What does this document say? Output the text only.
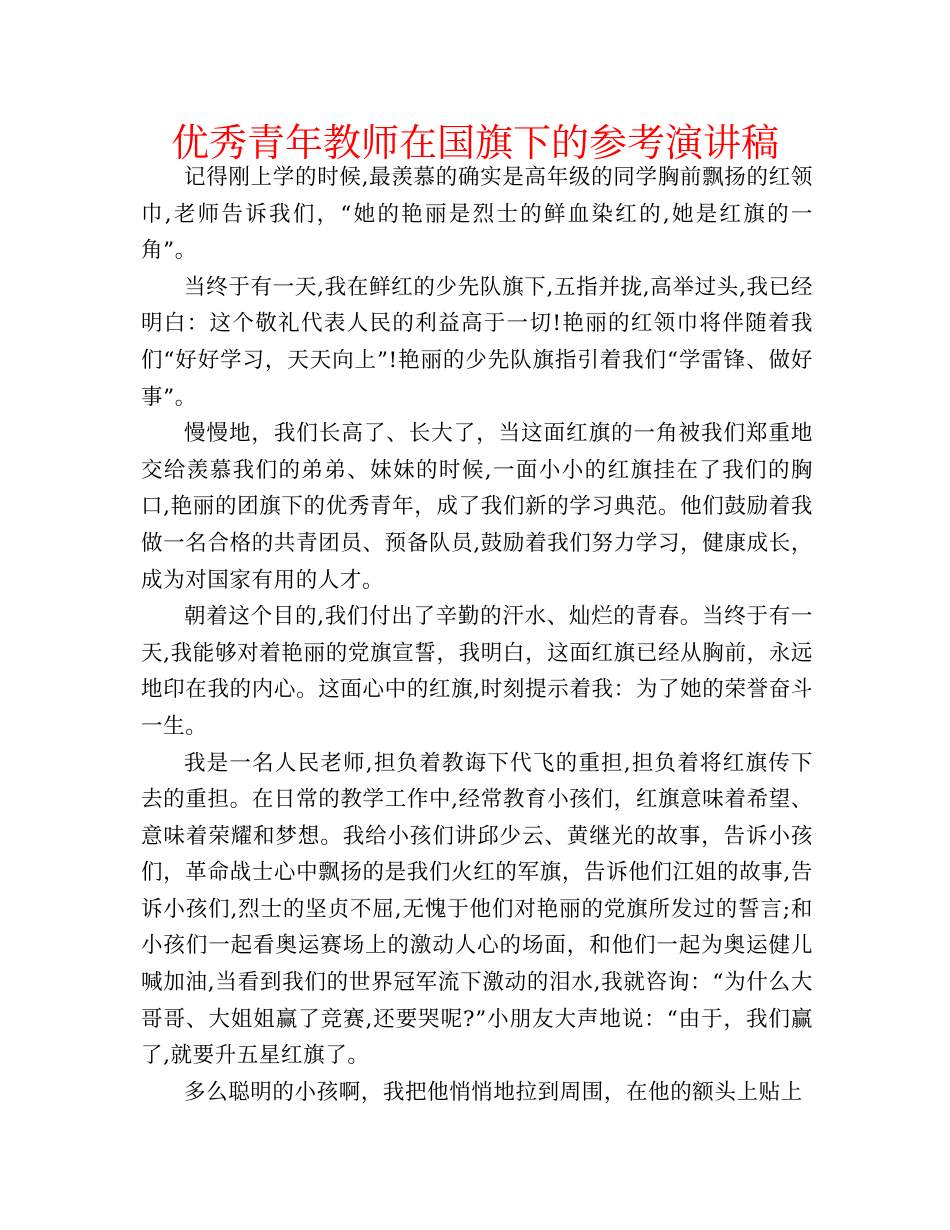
优秀青年教师在国旗下的参考演讲稿

记得刚上学的时候,最羡慕的确实是高年级的同学胸前飘扬的红领巾,老师告诉我们，“她的艳丽是烈士的鲜血染红的,她是红旗的一角”。

当终于有一天,我在鲜红的少先队旗下,五指并拢,高举过头,我已经明白：这个敬礼代表人民的利益高于一切!艳丽的红领巾将伴随着我们“好好学习，天天向上”!艳丽的少先队旗指引着我们“学雷锋、做好事”。

慢慢地，我们长高了、长大了，当这面红旗的一角被我们郑重地交给羡慕我们的弟弟、妹妹的时候,一面小小的红旗挂在了我们的胸口,艳丽的团旗下的优秀青年，成了我们新的学习典范。他们鼓励着我做一名合格的共青团员、预备队员,鼓励着我们努力学习，健康成长，成为对国家有用的人才。

朝着这个目的,我们付出了辛勤的汗水、灿烂的青春。当终于有一天,我能够对着艳丽的党旗宣誓，我明白，这面红旗已经从胸前，永远地印在我的内心。这面心中的红旗,时刻提示着我：为了她的荣誉奋斗一生。

我是一名人民老师,担负着教诲下代飞的重担,担负着将红旗传下去的重担。在日常的教学工作中,经常教育小孩们，红旗意味着希望、意味着荣耀和梦想。我给小孩们讲邱少云、黄继光的故事，告诉小孩们，革命战士心中飘扬的是我们火红的军旗，告诉他们江姐的故事,告诉小孩们,烈士的坚贞不屈,无愧于他们对艳丽的党旗所发过的誓言;和小孩们一起看奥运赛场上的激动人心的场面，和他们一起为奥运健儿喊加油,当看到我们的世界冠军流下激动的泪水,我就咨询：“为什么大哥哥、大姐姐赢了竞赛,还要哭呢?”小朋友大声地说：“由于，我们赢了,就要升五星红旗了。

多么聪明的小孩啊，我把他悄悄地拉到周围，在他的额头上贴上
